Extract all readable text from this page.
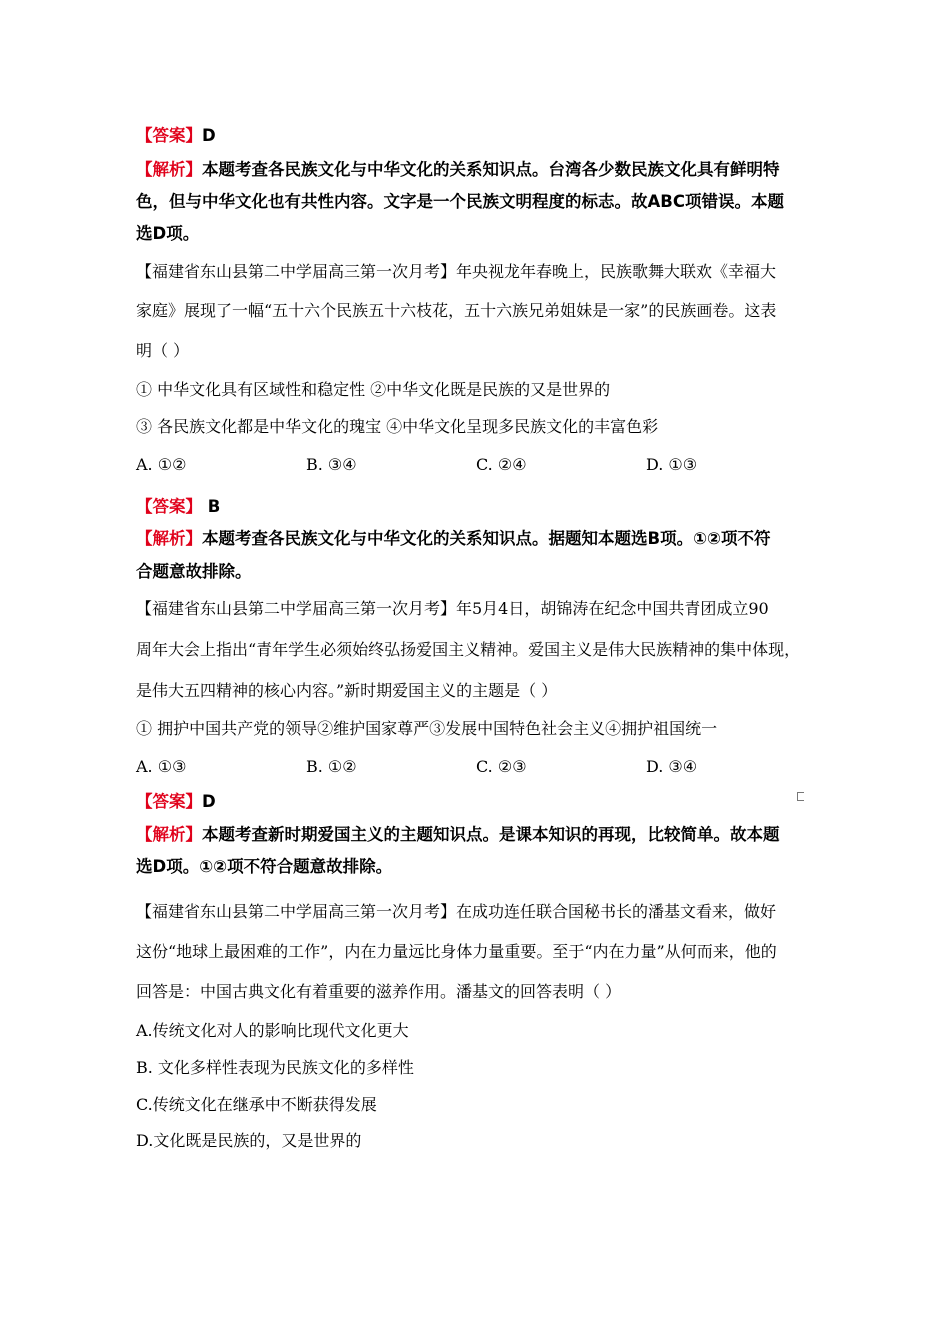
【答案】D
【解析】本题考查各民族文化与中华文化的关系知识点。台湾各少数民族文化具有鲜明特
色，但与中华文化也有共性内容。文字是一个民族文明程度的标志。故ABC项错误。本题
选D项。
【福建省东山县第二中学届高三第一次月考】年央视龙年春晚上，民族歌舞大联欢《幸福大
家庭》展现了一幅“五十六个民族五十六枝花，五十六族兄弟姐妹是一家”的民族画卷。这表
明（ ）
① 中华文化具有区域性和稳定性 ②中华文化既是民族的又是世界的
③ 各民族文化都是中华文化的瑰宝 ④中华文化呈现多民族文化的丰富色彩
A. ①②	B. ③④	C. ②④	D. ①③
【答案】 B
【解析】本题考查各民族文化与中华文化的关系知识点。据题知本题选B项。①②项不符
合题意故排除。
【福建省东山县第二中学届高三第一次月考】年5月4日，胡锦涛在纪念中国共青团成立90
周年大会上指出“青年学生必须始终弘扬爱国主义精神。爱国主义是伟大民族精神的集中体现，
是伟大五四精神的核心内容。”新时期爱国主义的主题是（ ）
① 拥护中国共产党的领导②维护国家尊严③发展中国特色社会主义④拥护祖国统一
A. ①③	B. ①②	C. ②③	D. ③④
【答案】D
【解析】本题考查新时期爱国主义的主题知识点。是课本知识的再现，比较简单。故本题
选D项。①②项不符合题意故排除。
【福建省东山县第二中学届高三第一次月考】在成功连任联合国秘书长的潘基文看来，做好
这份“地球上最困难的工作”，内在力量远比身体力量重要。至于“内在力量”从何而来，他的
回答是：中国古典文化有着重要的滋养作用。潘基文的回答表明（ ）
A.传统文化对人的影响比现代文化更大
B. 文化多样性表现为民族文化的多样性
C.传统文化在继承中不断获得发展
D.文化既是民族的，又是世界的
